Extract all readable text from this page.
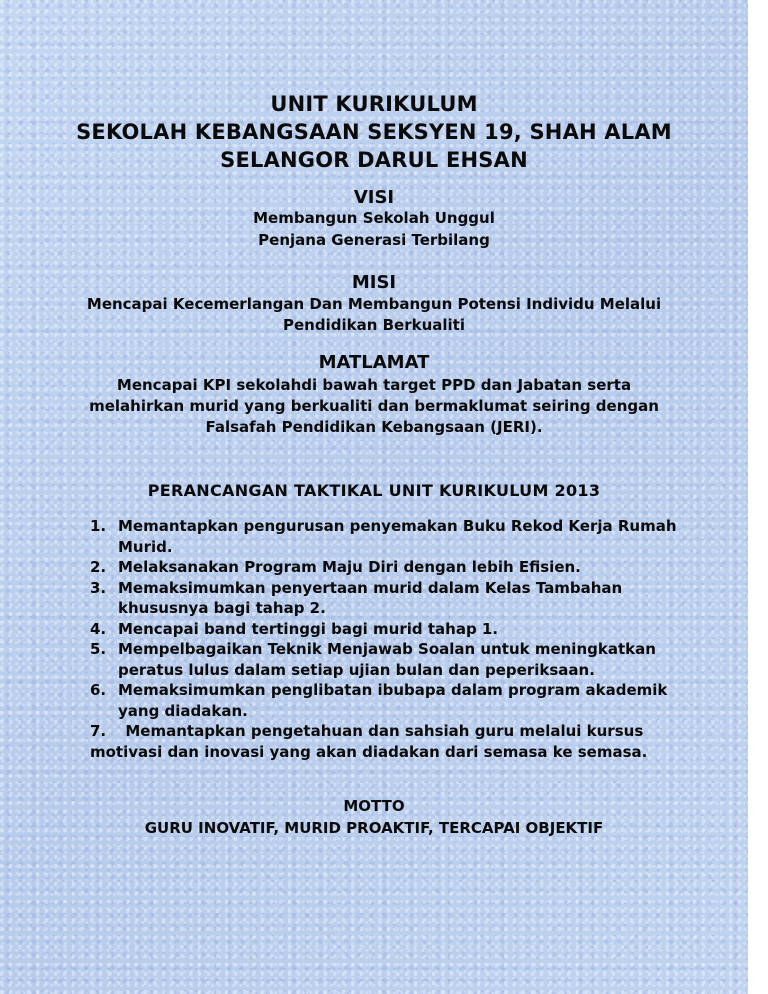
UNIT KURIKULUM
SEKOLAH KEBANGSAAN SEKSYEN 19, SHAH ALAM
SELANGOR DARUL EHSAN
VISI
Membangun Sekolah Unggul
Penjana Generasi Terbilang
MISI
Mencapai Kecemerlangan Dan Membangun Potensi Individu Melalui
Pendidikan Berkualiti
MATLAMAT
Mencapai KPI sekolahdi bawah target PPD dan Jabatan serta
melahirkan murid yang berkualiti dan bermaklumat seiring dengan
Falsafah Pendidikan Kebangsaan (JERI).
PERANCANGAN TAKTIKAL UNIT KURIKULUM 2013
1. Memantapkan pengurusan penyemakan Buku Rekod Kerja Rumah Murid.
2. Melaksanakan Program Maju Diri dengan lebih Efisien.
3. Memaksimumkan penyertaan murid dalam Kelas Tambahan khususnya bagi tahap 2.
4. Mencapai band tertinggi bagi murid tahap 1.
5. Mempelbagaikan Teknik Menjawab Soalan untuk meningkatkan peratus lulus dalam setiap ujian bulan dan peperiksaan.
6. Memaksimumkan penglibatan ibubapa dalam program akademik yang diadakan.
7. Memantapkan pengetahuan dan sahsiah guru melalui kursus motivasi dan inovasi yang akan diadakan dari semasa ke semasa.
MOTTO
GURU INOVATIF, MURID PROAKTIF, TERCAPAI OBJEKTIF
